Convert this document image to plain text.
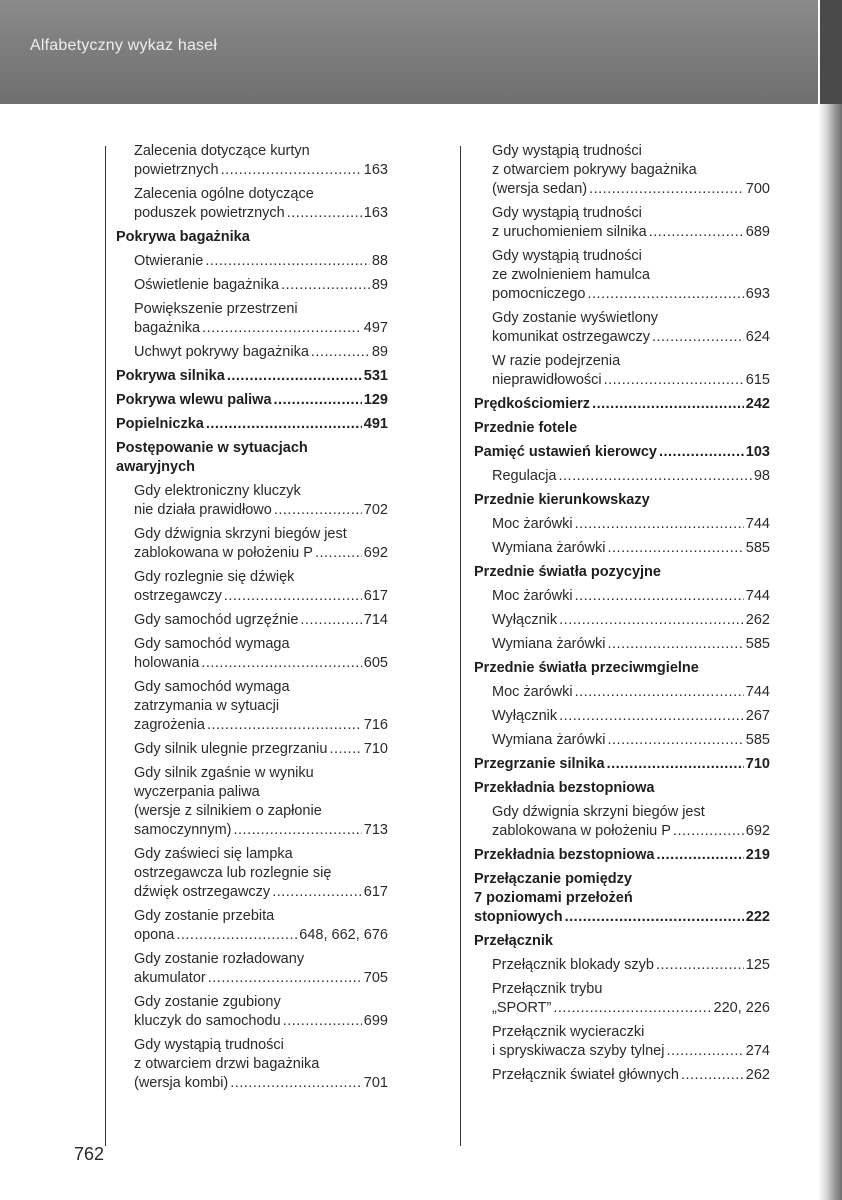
Alfabetyczny wykaz haseł
Zalecenia dotyczące kurtyn
powietrznych .....	163
Zalecenia ogólne dotyczące
poduszek powietrznych .....	163
Pokrywa bagażnika
Otwieranie .....	88
Oświetlenie bagażnika .....	89
Powiększenie przestrzeni
bagażnika .....	497
Uchwyt pokrywy bagażnika .....	89
Pokrywa silnika .....	531
Pokrywa wlewu paliwa .....	129
Popielniczka .....	491
Postępowanie w sytuacjach
awaryjnych
Gdy elektroniczny kluczyk
nie działa prawidłowo .....	702
Gdy dźwignia skrzyni biegów jest
zablokowana w położeniu P .....	692
Gdy rozlegnie się dźwięk
ostrzegawczy .....	617
Gdy samochód ugrzęźnie .....	714
Gdy samochód wymaga
holowania .....	605
Gdy samochód wymaga
zatrzymania w sytuacji
zagrożenia .....	716
Gdy silnik ulegnie przegrzaniu .....	710
Gdy silnik zgaśnie w wyniku
wyczerpania paliwa
(wersje z silnikiem o zapłonie
samoczynnym) .....	713
Gdy zaświeci się lampka
ostrzegawcza lub rozlegnie się
dźwięk ostrzegawczy .....	617
Gdy zostanie przebita
opona .....	648, 662, 676
Gdy zostanie rozładowany
akumulator .....	705
Gdy zostanie zgubiony
kluczyk do samochodu .....	699
Gdy wystąpią trudności
z otwarciem drzwi bagażnika
(wersja kombi) .....	701
Gdy wystąpią trudności
z otwarciem pokrywy bagażnika
(wersja sedan) .....	700
Gdy wystąpią trudności
z uruchomieniem silnika .....	689
Gdy wystąpią trudności
ze zwolnieniem hamulca
pomocniczego .....	693
Gdy zostanie wyświetlony
komunikat ostrzegawczy .....	624
W razie podejrzenia
nieprawidłowości .....	615
Prędkościomierz .....	242
Przednie fotele
Pamięć ustawień kierowcy .....	103
Regulacja .....	98
Przednie kierunkowskazy
Moc żarówki .....	744
Wymiana żarówki .....	585
Przednie światła pozycyjne
Moc żarówki .....	744
Wyłącznik .....	262
Wymiana żarówki .....	585
Przednie światła przeciwmgielne
Moc żarówki .....	744
Wyłącznik .....	267
Wymiana żarówki .....	585
Przegrzanie silnika .....	710
Przekładnia bezstopniowa
Gdy dźwignia skrzyni biegów jest
zablokowana w położeniu P .....	692
Przekładnia bezstopniowa .....	219
Przełączanie pomiędzy
7 poziomami przełożeń
stopniowych .....	222
Przełącznik
Przełącznik blokady szyb .....	125
Przełącznik trybu
„SPORT” .....	220, 226
Przełącznik wycieraczki
i spryskiwacza szyby tylnej .....	274
Przełącznik świateł głównych .....	262
762
